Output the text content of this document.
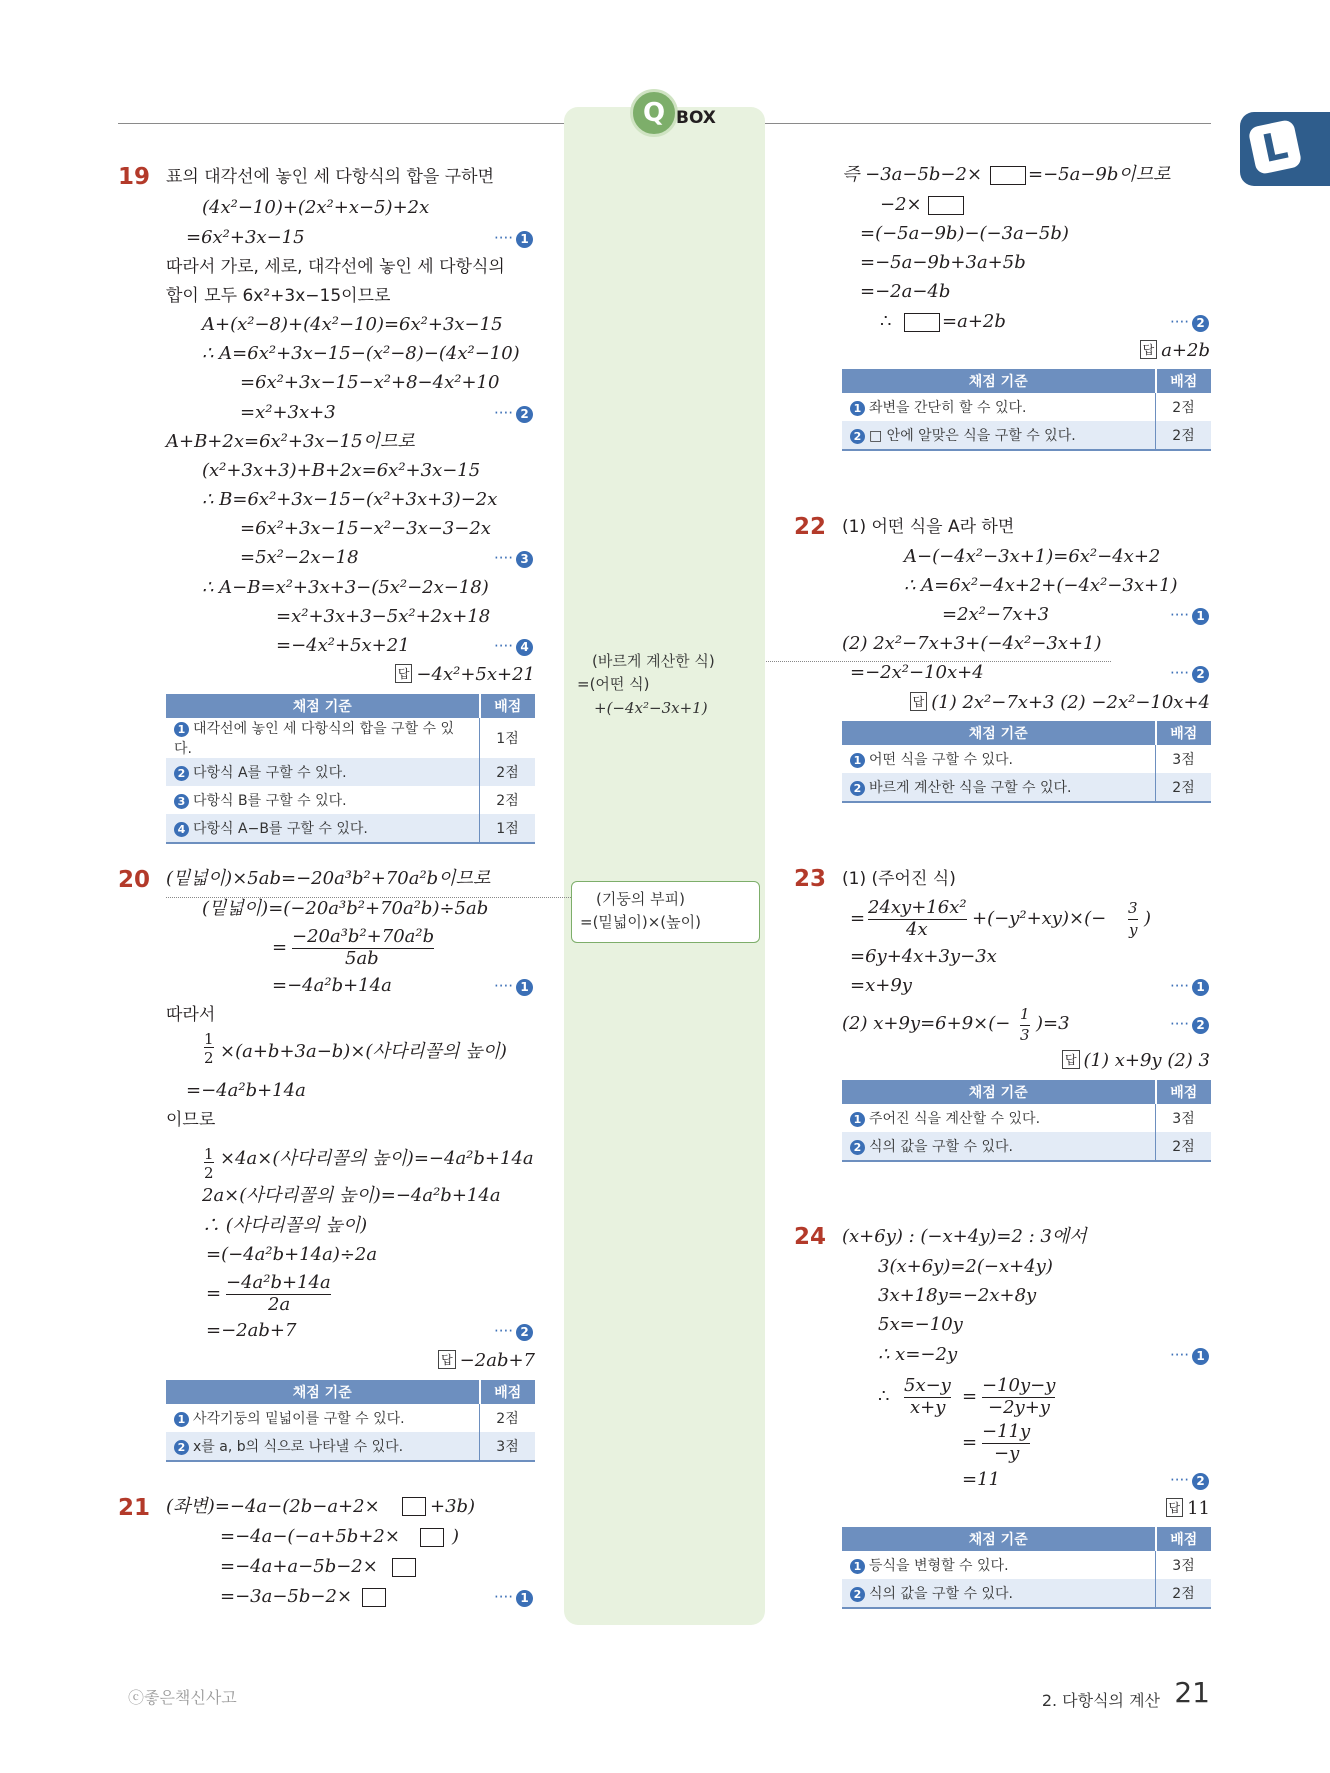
Q BOX
L
19 표의 대각선에 놓인 세 다항식의 합을 구하면
(4x²−10)+(2x²+x−5)+2x
=6x²+3x−15	···· 1
따라서 가로, 세로, 대각선에 놓인 세 다항식의
합이 모두 6x²+3x−15이므로
A+(x²−8)+(4x²−10)=6x²+3x−15
∴ A=6x²+3x−15−(x²−8)−(4x²−10)
=6x²+3x−15−x²+8−4x²+10
=x²+3x+3	···· 2
A+B+2x=6x²+3x−15이므로
(x²+3x+3)+B+2x=6x²+3x−15
∴ B=6x²+3x−15−(x²+3x+3)−2x
=6x²+3x−15−x²−3x−3−2x
=5x²−2x−18	···· 3
∴ A−B=x²+3x+3−(5x²−2x−18)
=x²+3x+3−5x²+2x+18
=−4x²+5x+21	···· 4
답 −4x²+5x+21
채점 기준	배점
1 대각선에 놓인 세 다항식의 합을 구할 수 있다.	1점
2 다항식 A를 구할 수 있다.	2점
3 다항식 B를 구할 수 있다.	2점
4 다항식 A−B를 구할 수 있다.	1점
20 (밑넓이)×5ab=−20a³b²+70a²b이므로
(밑넓이)=(−20a³b²+70a²b)÷5ab
=
−20a³b²+70a²b
5ab
=−4a²b+14a	···· 1
따라서
1
2 ×(a+b+3a−b)×(사다리꼴의 높이)
=−4a²b+14a
이므로
1
2
×4a×(사다리꼴의 높이)=−4a²b+14a
2a×(사다리꼴의 높이)=−4a²b+14a
∴ (사다리꼴의 높이)
=(−4a²b+14a)÷2a
=
−4a²b+14a
2a
=−2ab+7	···· 2
답 −2ab+7
채점 기준	배점
1 사각기둥의 밑넓이를 구할 수 있다.	2점
2 x를 a, b의 식으로 나타낼 수 있다.	3점
21 (좌변)=−4a−(2b−a+2×	+3b)
=−4a−(−a+5b+2×	)
=−4a+a−5b−2×
=−3a−5b−2×	···· 1
즉 −3a−5b−2×	=−5a−9b이므로
−2×
=(−5a−9b)−(−3a−5b)
=−5a−9b+3a+5b
=−2a−4b
∴	=a+2b	···· 2
답 a+2b
채점 기준	배점
1 좌변을 간단히 할 수 있다.	2점
2 □ 안에 알맞은 식을 구할 수 있다.	2점
22 (1) 어떤 식을 A라 하면
A−(−4x²−3x+1)=6x²−4x+2
∴ A=6x²−4x+2+(−4x²−3x+1)
=2x²−7x+3	···· 1
(2) 2x²−7x+3+(−4x²−3x+1)
=−2x²−10x+4	···· 2
답 (1) 2x²−7x+3 (2) −2x²−10x+4
채점 기준	배점
1 어떤 식을 구할 수 있다.	3점
2 바르게 계산한 식을 구할 수 있다.	2점
23 (1) (주어진 식)
=
24xy+16x²
4x
+(−y²+xy)×(− 3
y
)
=6y+4x+3y−3x
=x+9y	···· 1
(2) x+9y=6+9×(− 1
3
)=3	···· 2
답 (1) x+9y (2) 3
채점 기준	배점
1 주어진 식을 계산할 수 있다.	3점
2 식의 값을 구할 수 있다.	2점
24 (x+6y) : (−x+4y)=2 : 3에서
3(x+6y)=2(−x+4y)
3x+18y=−2x+8y
5x=−10y
∴ x=−2y	···· 1
∴
5x−y
x+y
=
−10y−y
−2y+y
=
−11y
−y
=11	···· 2
답 11
채점 기준	배점
1 등식을 변형할 수 있다.	3점
2 식의 값을 구할 수 있다.	2점
(바르게 계산한 식)
=(어떤 식)
+(−4x²−3x+1)
(기둥의 부피)
=(밑넓이)×(높이)
ⓒ좋은책신사고	2. 다항식의 계산 21
